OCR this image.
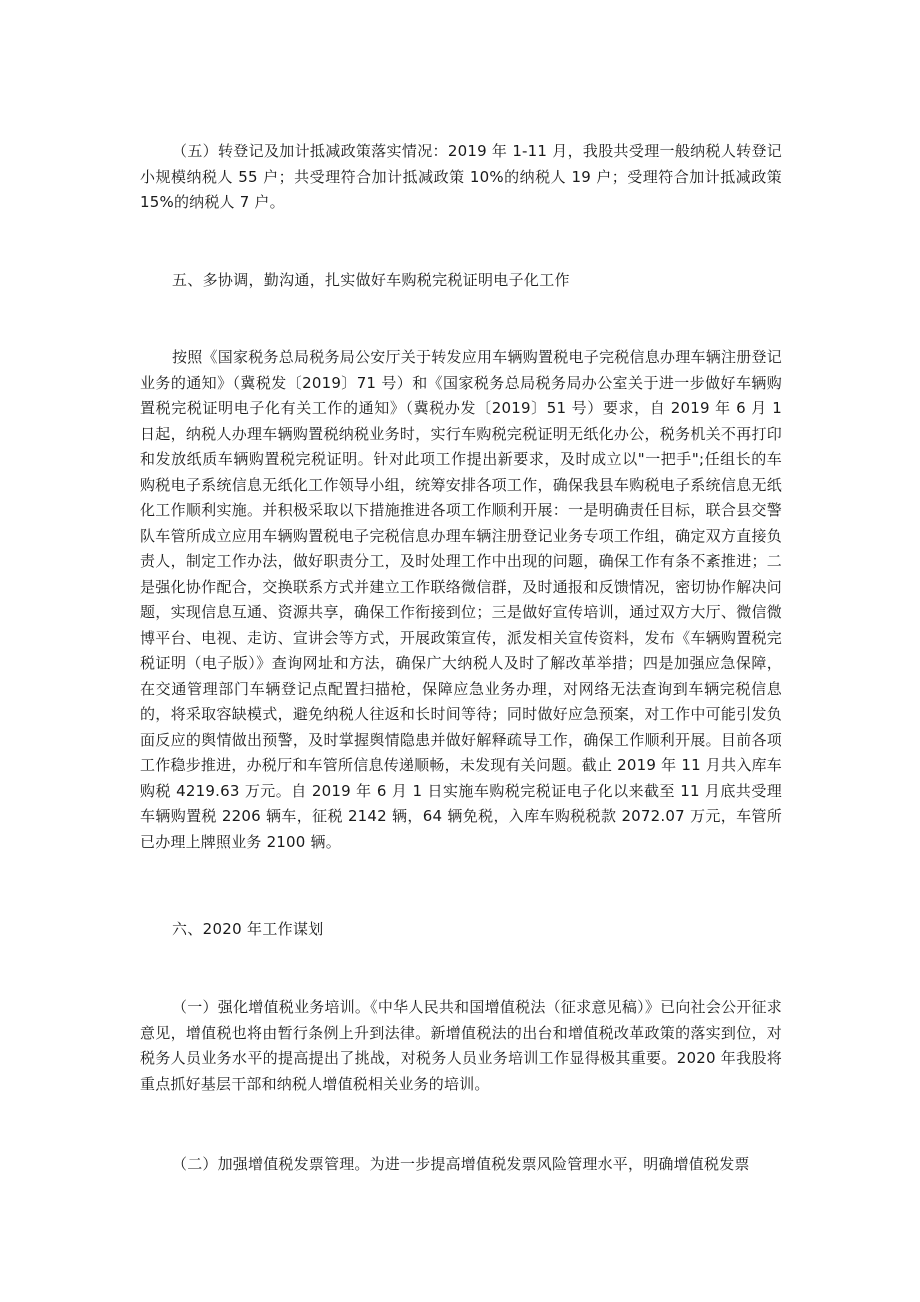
（五）转登记及加计抵减政策落实情况：2019 年 1-11 月，我股共受理一般纳税人转登记小规模纳税人 55 户；共受理符合加计抵减政策 10%的纳税人 19 户；受理符合加计抵减政策 15%的纳税人 7 户。

五、多协调，勤沟通，扎实做好车购税完税证明电子化工作

按照《国家税务总局税务局公安厅关于转发应用车辆购置税电子完税信息办理车辆注册登记业务的通知》（冀税发〔2019〕71 号）和《国家税务总局税务局办公室关于进一步做好车辆购置税完税证明电子化有关工作的通知》（冀税办发〔2019〕51 号）要求，自 2019 年 6 月 1 日起，纳税人办理车辆购置税纳税业务时，实行车购税完税证明无纸化办公，税务机关不再打印和发放纸质车辆购置税完税证明。针对此项工作提出新要求，及时成立以"一把手";任组长的车购税电子系统信息无纸化工作领导小组，统筹安排各项工作，确保我县车购税电子系统信息无纸化工作顺利实施。并积极采取以下措施推进各项工作顺利开展：一是明确责任目标，联合县交警队车管所成立应用车辆购置税电子完税信息办理车辆注册登记业务专项工作组，确定双方直接负责人，制定工作办法，做好职责分工，及时处理工作中出现的问题，确保工作有条不紊推进；二是强化协作配合，交换联系方式并建立工作联络微信群，及时通报和反馈情况，密切协作解决问题，实现信息互通、资源共享，确保工作衔接到位；三是做好宣传培训，通过双方大厅、微信微博平台、电视、走访、宣讲会等方式，开展政策宣传，派发相关宣传资料，发布《车辆购置税完税证明（电子版）》查询网址和方法，确保广大纳税人及时了解改革举措；四是加强应急保障，在交通管理部门车辆登记点配置扫描枪，保障应急业务办理，对网络无法查询到车辆完税信息的，将采取容缺模式，避免纳税人往返和长时间等待；同时做好应急预案，对工作中可能引发负面反应的舆情做出预警，及时掌握舆情隐患并做好解释疏导工作，确保工作顺利开展。目前各项工作稳步推进，办税厅和车管所信息传递顺畅，未发现有关问题。截止 2019 年 11 月共入库车购税 4219.63 万元。自 2019 年 6 月 1 日实施车购税完税证电子化以来截至 11 月底共受理车辆购置税 2206 辆车，征税 2142 辆，64 辆免税，入库车购税税款 2072.07 万元，车管所已办理上牌照业务 2100 辆。

六、2020 年工作谋划

（一）强化增值税业务培训。《中华人民共和国增值税法（征求意见稿）》已向社会公开征求意见，增值税也将由暂行条例上升到法律。新增值税法的出台和增值税改革政策的落实到位，对税务人员业务水平的提高提出了挑战，对税务人员业务培训工作显得极其重要。2020 年我股将重点抓好基层干部和纳税人增值税相关业务的培训。

（二）加强增值税发票管理。为进一步提高增值税发票风险管理水平，明确增值税发票
